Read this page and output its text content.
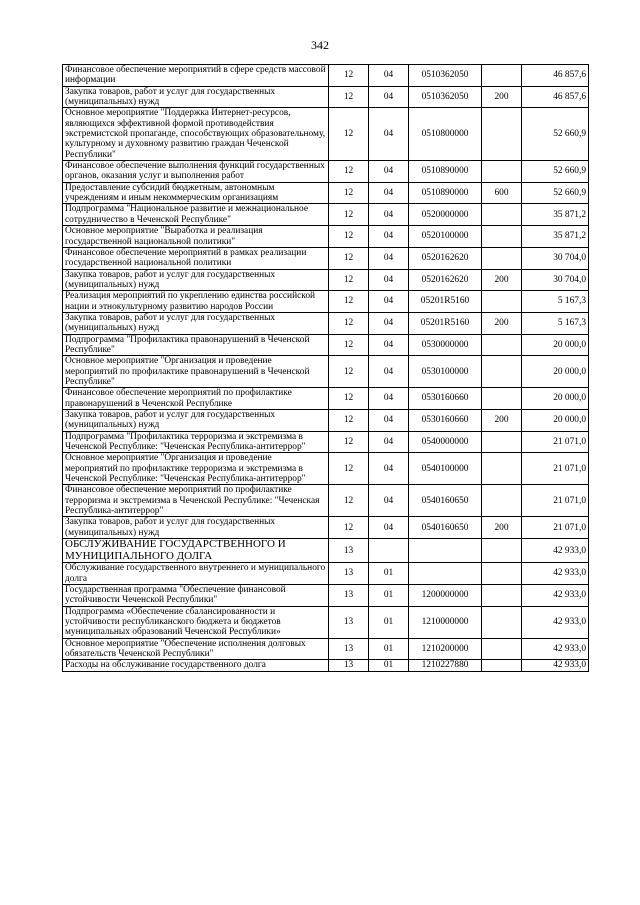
342
Финансовое обеспечение мероприятий в сфере средств массовой информации	12	04	0510362050		46 857,6
Закупка товаров, работ и услуг для государственных (муниципальных) нужд	12	04	0510362050	200	46 857,6
Основное мероприятие "Поддержка Интернет-ресурсов, являющихся эффективной формой противодействия экстремистской пропаганде, способствующих образовательному, культурному и духовному развитию граждан Чеченской Республики"	12	04	0510800000		52 660,9
Финансовое обеспечение выполнения функций государственных органов, оказания услуг и выполнения работ	12	04	0510890000		52 660,9
Предоставление субсидий бюджетным, автономным учреждениям и иным некоммерческим организациям	12	04	0510890000	600	52 660,9
Подпрограмма "Национальное развитие и межнациональное сотрудничество в Чеченской Республике"	12	04	0520000000		35 871,2
Основное мероприятие "Выработка и реализация государственной национальной политики"	12	04	0520100000		35 871,2
Финансовое обеспечение мероприятий в рамках реализации государственной национальной политики	12	04	0520162620		30 704,0
Закупка товаров, работ и услуг для государственных (муниципальных) нужд	12	04	0520162620	200	30 704,0
Реализация мероприятий по укреплению единства российской нации и этнокультурному развитию народов России	12	04	05201R5160		5 167,3
Закупка товаров, работ и услуг для государственных (муниципальных) нужд	12	04	05201R5160	200	5 167,3
Подпрограмма "Профилактика правонарушений в Чеченской Республике"	12	04	0530000000		20 000,0
Основное мероприятие "Организация и проведение мероприятий по профилактике правонарушений в Чеченской Республике"	12	04	0530100000		20 000,0
Финансовое обеспечение мероприятий по профилактике правонарушений в Чеченской Республике	12	04	0530160660		20 000,0
Закупка товаров, работ и услуг для государственных (муниципальных) нужд	12	04	0530160660	200	20 000,0
Подпрограмма "Профилактика терроризма и экстремизма в Чеченской Республике: "Чеченская Республика-антитеррор"	12	04	0540000000		21 071,0
Основное мероприятие "Организация и проведение мероприятий по профилактике терроризма и экстремизма в Чеченской Республике: "Чеченская Республика-антитеррор"	12	04	0540100000		21 071,0
Финансовое обеспечение мероприятий по профилактике терроризма и экстремизма в Чеченской Республике: "Чеченская Республика-антитеррор"	12	04	0540160650		21 071,0
Закупка товаров, работ и услуг для государственных (муниципальных) нужд	12	04	0540160650	200	21 071,0
ОБСЛУЖИВАНИЕ ГОСУДАРСТВЕННОГО И МУНИЦИПАЛЬНОГО ДОЛГА	13				42 933,0
Обслуживание государственного внутреннего и муниципального долга	13	01			42 933,0
Государственная программа "Обеспечение финансовой устойчивости Чеченской Республики"	13	01	1200000000		42 933,0
Подпрограмма «Обеспечение сбалансированности и устойчивости республиканского бюджета и бюджетов муниципальных образований Чеченской Республики»	13	01	1210000000		42 933,0
Основное мероприятие "Обеспечение исполнения долговых обязательств Чеченской Республики"	13	01	1210200000		42 933,0
Расходы на обслуживание государственного долга	13	01	1210227880		42 933,0
